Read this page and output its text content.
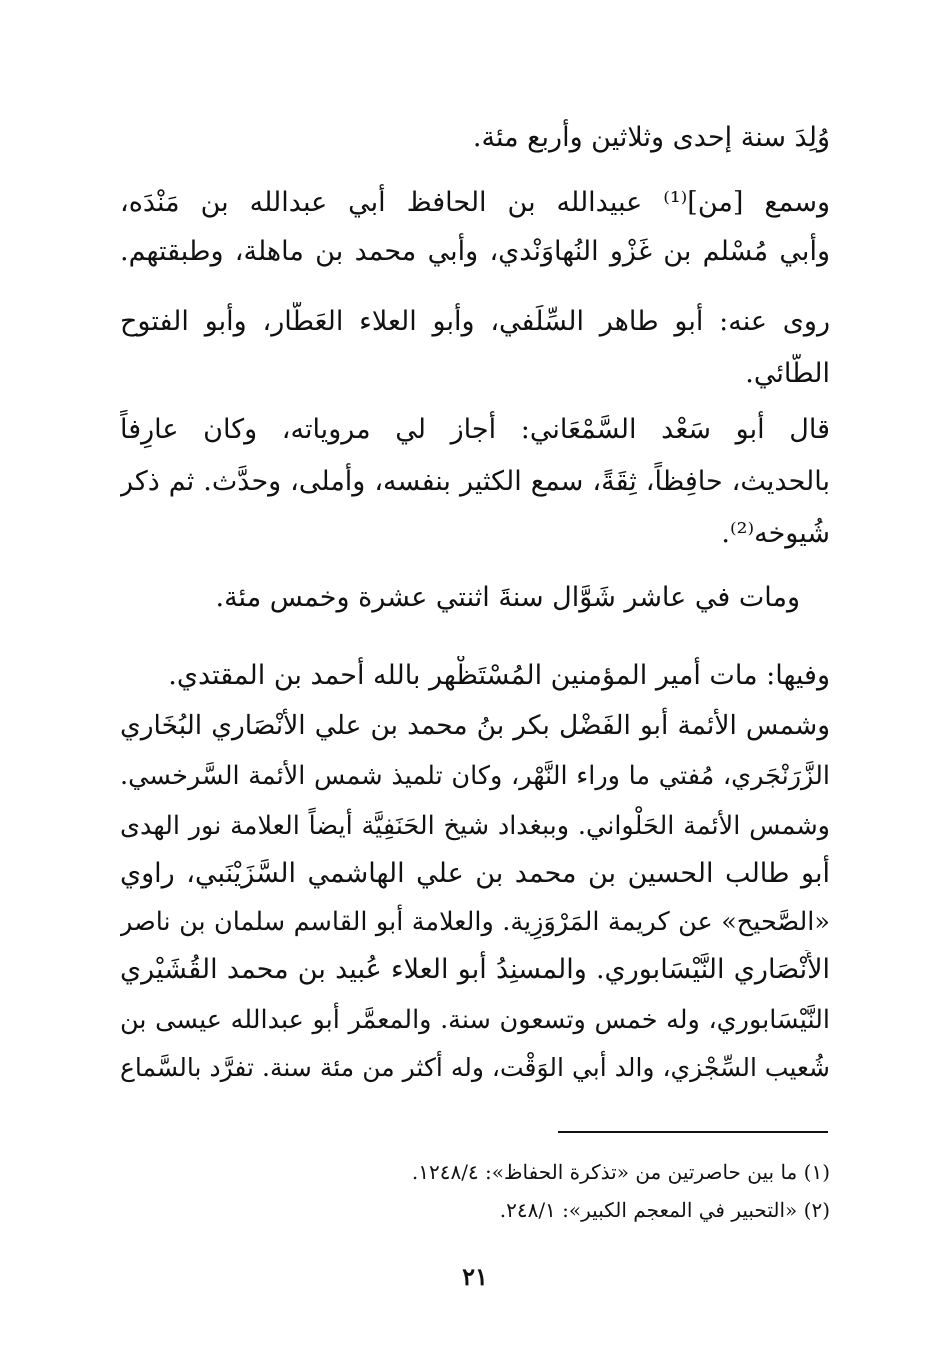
وُلِدَ سنة إحدى وثلاثين وأربع مئة.
وسمع [من]⁽¹⁾ عبيدالله بن الحافظ أبي عبدالله بن مَنْدَه،
وأبي مُسْلم بن غَزْو النُهاوَنْدي، وأبي محمد بن ماهلة، وطبقتهم.
روى عنه: أبو طاهر السِّلَفي، وأبو العلاء العَطَّار، وأبو الفتوح
الطَّائي.
قال أبو سَعْد السَّمْعَاني: أجاز لي مروياته، وكان عارِفاً
بالحديث، حافِظاً، ثِقَةً، سمع الكثير بنفسه، وأملى، وحدَّث. ثم ذكر
شُيوخه⁽²⁾.
ومات في عاشر شَوَّال سنةَ اثنتي عشرة وخمس مئة.
وفيها: مات أمير المؤمنين المُسْتَظْهر بالله أحمد بن المقتدي.
وشمس الأئمة أبو الفَضْل بكر بنُ محمد بن علي الأنْصَاري البُخَاري
الزَّرَنْجَري، مُفتي ما وراء النَّهْر، وكان تلميذ شمس الأئمة السَّرخسي.
وشمس الأئمة الحَلْواني. وببغداد شيخ الحَنَفِيَّة أيضاً العلامة نور الهدى
أبو طالب الحسين بن محمد بن علي الهاشمي السَّزَيْنَبي، راوي
«الصَّحيح» عن كريمة المَرْوَزِية. والعلامة أبو القاسم سلمان بن ناصر
الأَنْصَاري النَّيْسَابوري. والمسنِدُ أبو العلاء عُبيد بن محمد القُشَيْري
النَّيْسَابوري، وله خمس وتسعون سنة. والمعمَّر أبو عبدالله عيسى بن
شُعيب السِّجْزي، والد أبي الوَقْت، وله أكثر من مئة سنة. تفرَّد بالسَّماع
(١) ما بين حاصرتين من «تذكرة الحفاظ»: ١٢٤٨/٤.
(٢) «التحبير في المعجم الكبير»: ٢٤٨/١.
٢١
